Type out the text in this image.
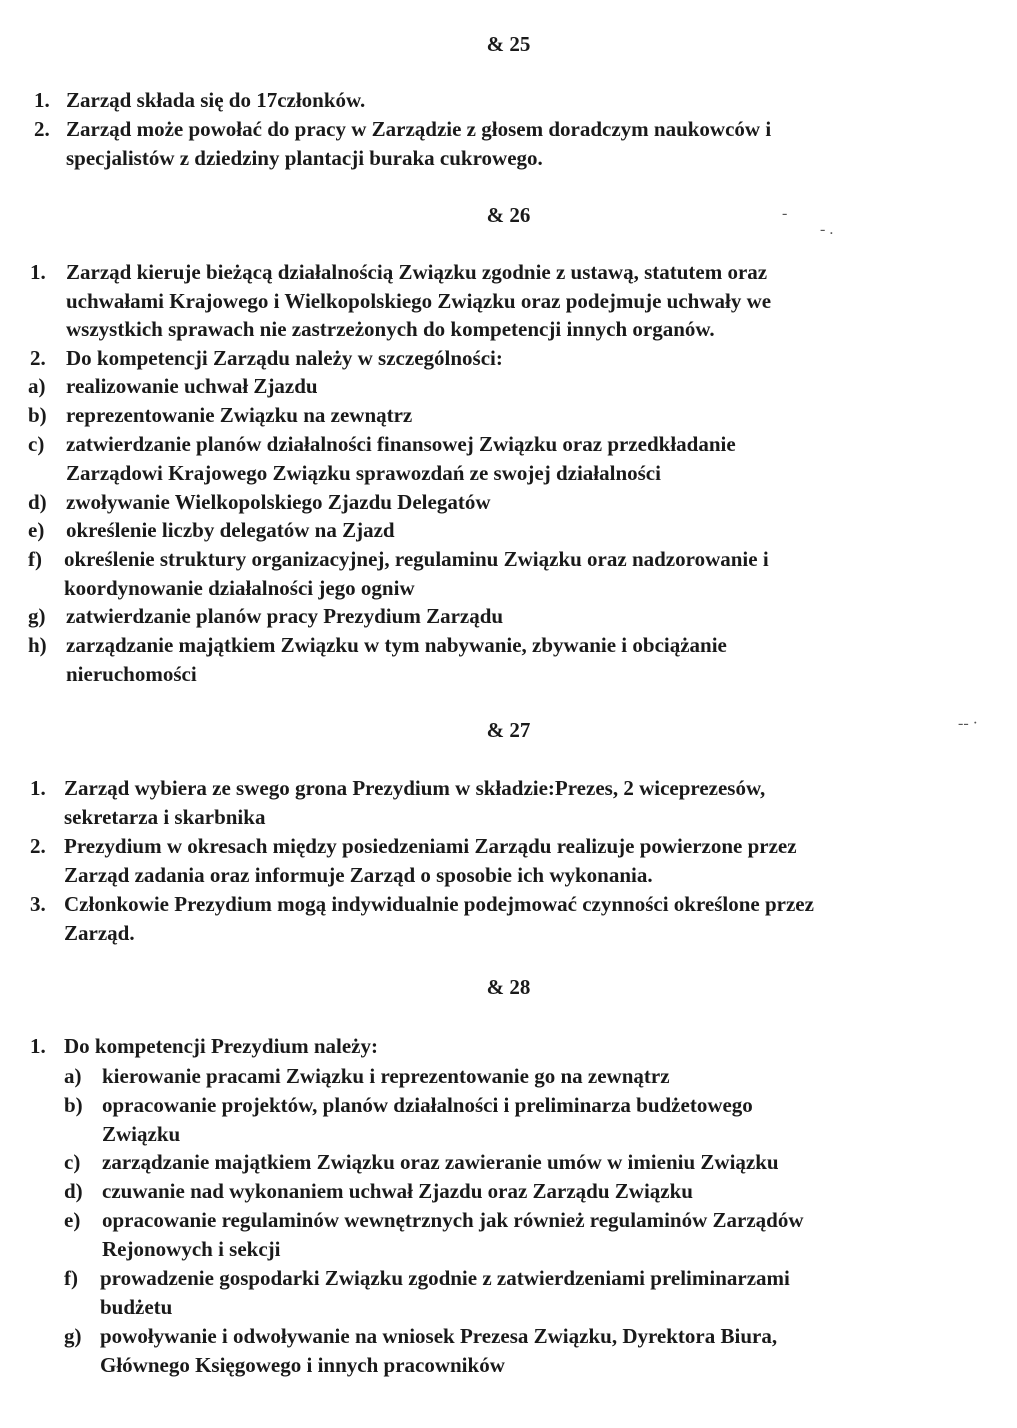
& 25
1. Zarząd składa się do 17członków.
2. Zarząd może powołać do pracy w Zarządzie z głosem doradczym naukowców i
specjalistów z dziedziny plantacji buraka cukrowego.
& 26	-
- .
1. Zarząd kieruje bieżącą działalnością Związku zgodnie z ustawą, statutem oraz
uchwałami Krajowego i Wielkopolskiego Związku oraz podejmuje uchwały we
wszystkich sprawach nie zastrzeżonych do kompetencji innych organów.
2. Do kompetencji Zarządu należy w szczególności:
a) realizowanie uchwał Zjazdu
b) reprezentowanie Związku na zewnątrz
c) zatwierdzanie planów działalności finansowej Związku oraz przedkładanie
Zarządowi Krajowego Związku sprawozdań ze swojej działalności
d) zwoływanie Wielkopolskiego Zjazdu Delegatów
e) określenie liczby delegatów na Zjazd
f) określenie struktury organizacyjnej, regulaminu Związku oraz nadzorowanie i
koordynowanie działalności jego ogniw
g) zatwierdzanie planów pracy Prezydium Zarządu
h) zarządzanie majątkiem Związku w tym nabywanie, zbywanie i obciążanie
nieruchomości
& 27	-- ·
1. Zarząd wybiera ze swego grona Prezydium w składzie:Prezes, 2 wiceprezesów,
sekretarza i skarbnika
2. Prezydium w okresach między posiedzeniami Zarządu realizuje powierzone przez
Zarząd zadania oraz informuje Zarząd o sposobie ich wykonania.
3. Członkowie Prezydium mogą indywidualnie podejmować czynności określone przez
Zarząd.
& 28
1. Do kompetencji Prezydium należy:
a) kierowanie pracami Związku i reprezentowanie go na zewnątrz
b) opracowanie projektów, planów działalności i preliminarza budżetowego
Związku
c) zarządzanie majątkiem Związku oraz zawieranie umów w imieniu Związku
d) czuwanie nad wykonaniem uchwał Zjazdu oraz Zarządu Związku
e) opracowanie regulaminów wewnętrznych jak również regulaminów Zarządów
Rejonowych i sekcji
f) prowadzenie gospodarki Związku zgodnie z zatwierdzeniami preliminarzami
budżetu
g) powoływanie i odwoływanie na wniosek Prezesa Związku, Dyrektora Biura,
Głównego Księgowego i innych pracowników
